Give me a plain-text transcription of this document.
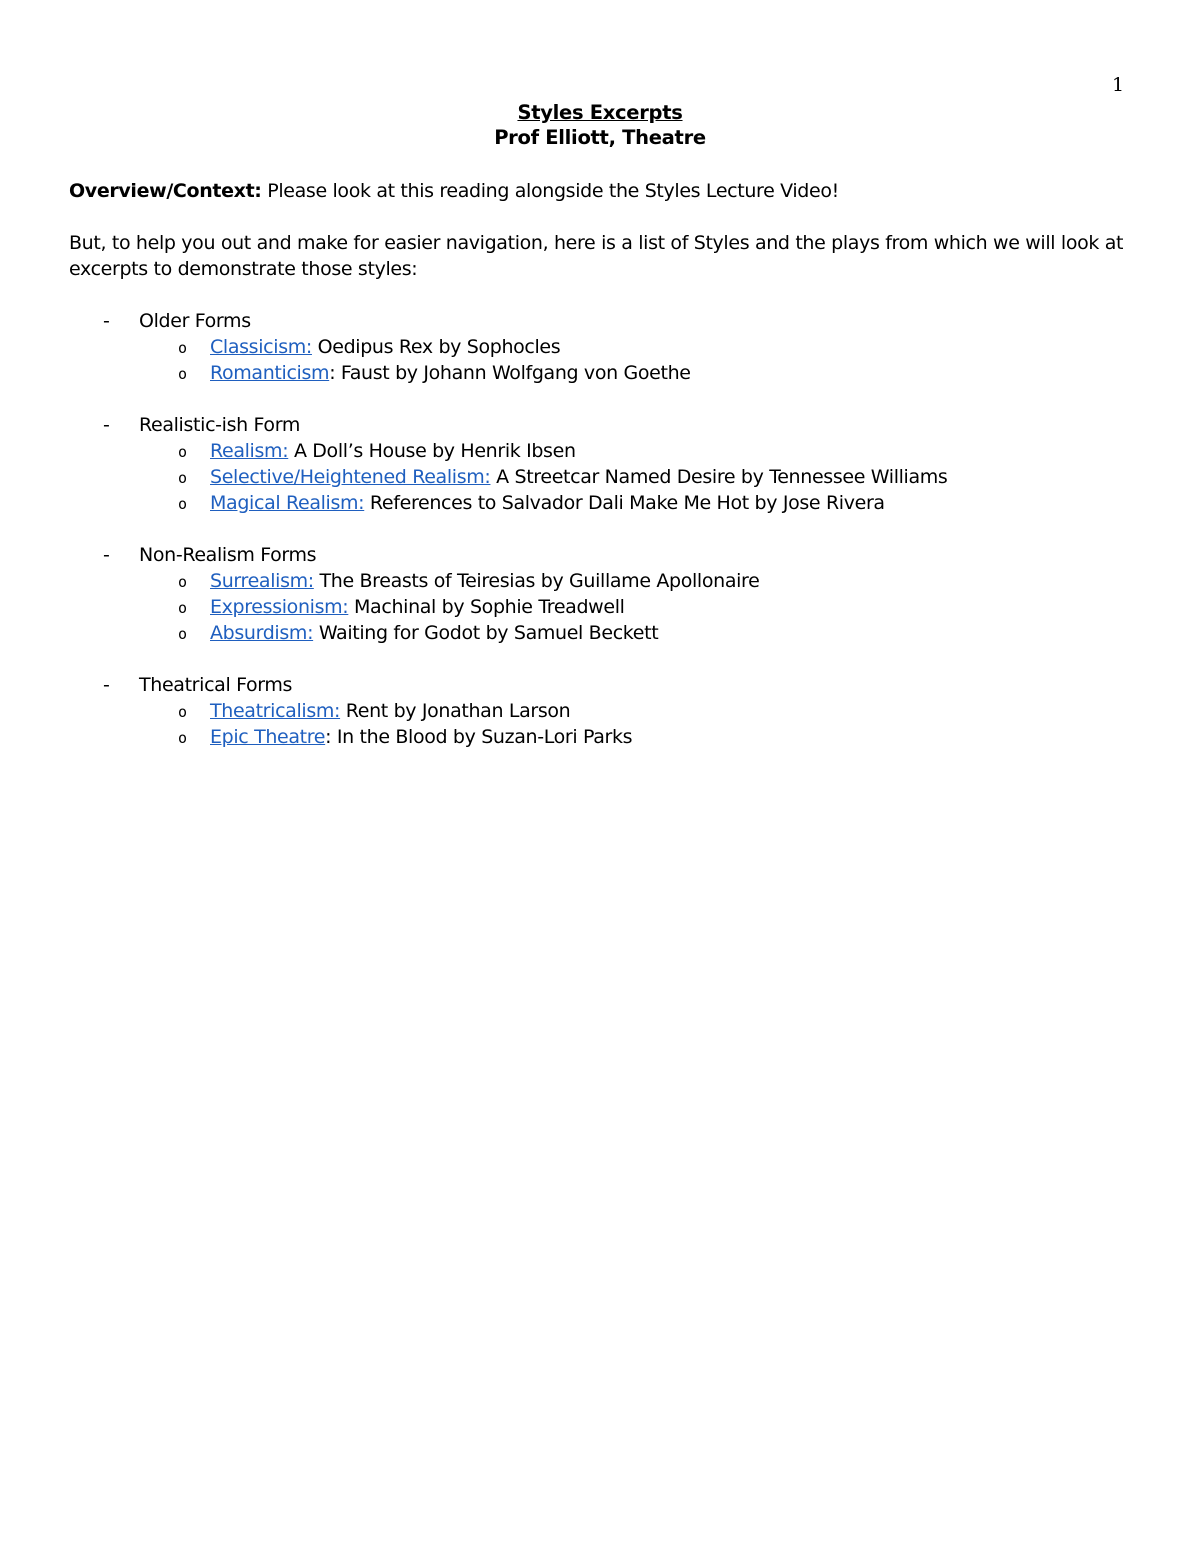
1
Styles Excerpts
Prof Elliott, Theatre

Overview/Context: Please look at this reading alongside the Styles Lecture Video!

But, to help you out and make for easier navigation, here is a list of Styles and the plays from which we will look at excerpts to demonstrate those styles:

- Older Forms
o Classicism: Oedipus Rex by Sophocles
o Romanticism: Faust by Johann Wolfgang von Goethe
- Realistic-ish Form
o Realism: A Doll’s House by Henrik Ibsen
o Selective/Heightened Realism: A Streetcar Named Desire by Tennessee Williams
o Magical Realism: References to Salvador Dali Make Me Hot by Jose Rivera
- Non-Realism Forms
o Surrealism: The Breasts of Teiresias by Guillame Apollonaire
o Expressionism: Machinal by Sophie Treadwell
o Absurdism: Waiting for Godot by Samuel Beckett
- Theatrical Forms
o Theatricalism: Rent by Jonathan Larson
o Epic Theatre: In the Blood by Suzan-Lori Parks
